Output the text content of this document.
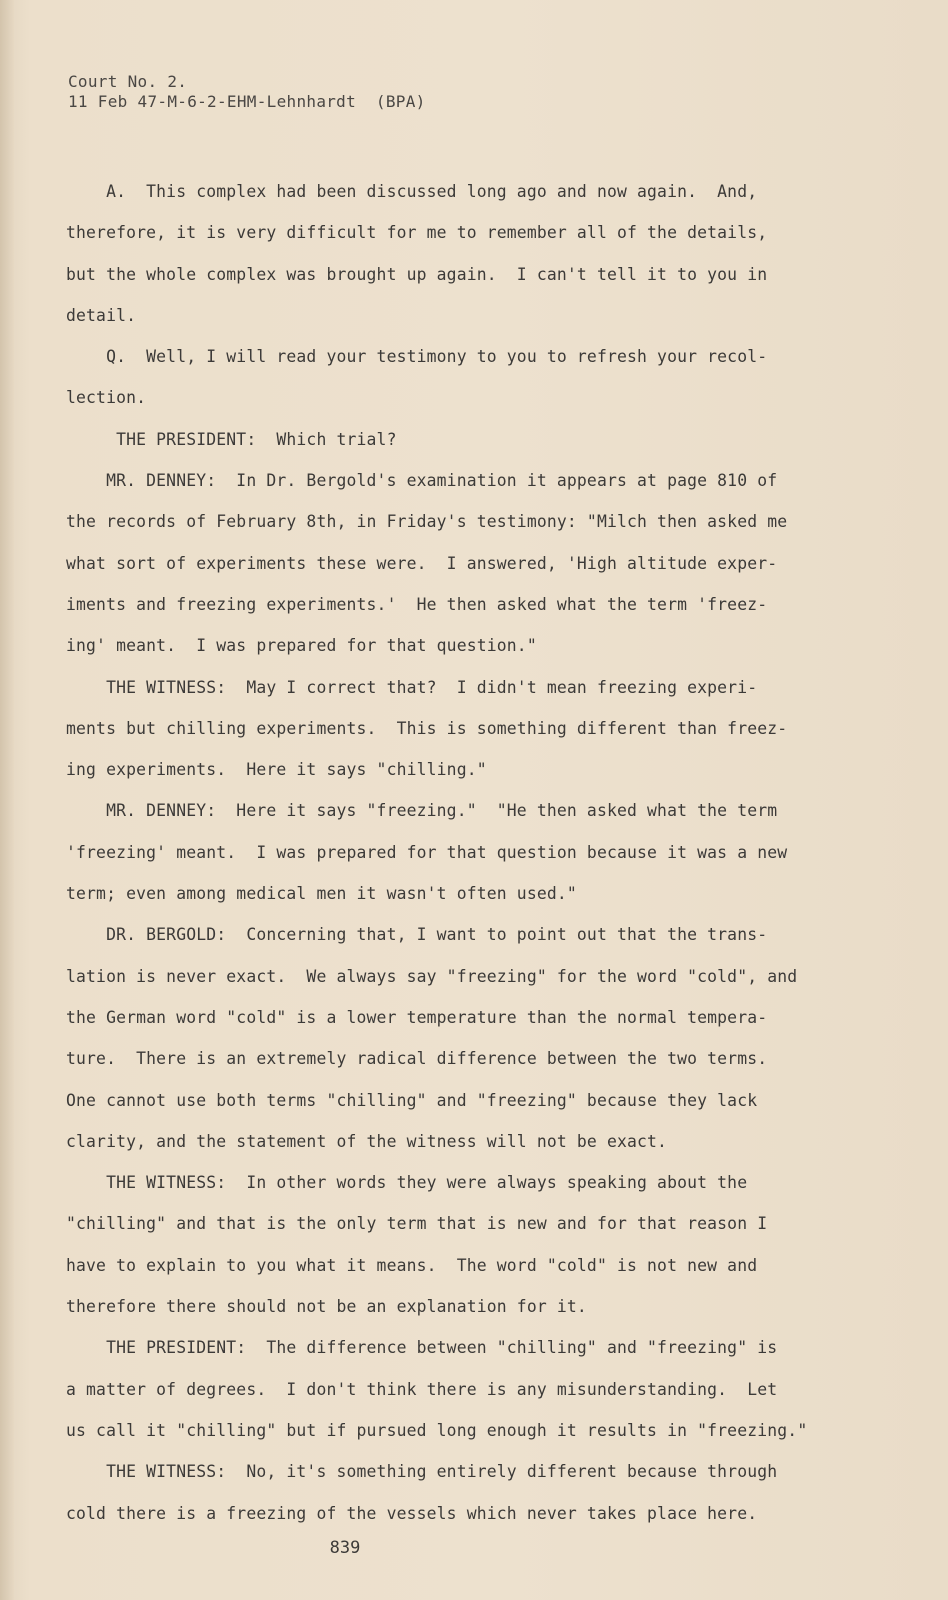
Court No. 2.
11 Feb 47-M-6-2-EHM-Lehnhardt  (BPA)
A.  This complex had been discussed long ago and now again.  And,
therefore, it is very difficult for me to remember all of the details,
but the whole complex was brought up again.  I can't tell it to you in
detail.
Q.  Well, I will read your testimony to you to refresh your recol-
lection.
THE PRESIDENT:  Which trial?
MR. DENNEY:  In Dr. Bergold's examination it appears at page 810 of
the records of February 8th, in Friday's testimony: "Milch then asked me
what sort of experiments these were.  I answered, 'High altitude exper-
iments and freezing experiments.'  He then asked what the term 'freez-
ing' meant.  I was prepared for that question."
THE WITNESS:  May I correct that?  I didn't mean freezing experi-
ments but chilling experiments.  This is something different than freez-
ing experiments.  Here it says "chilling."
MR. DENNEY:  Here it says "freezing."  "He then asked what the term
'freezing' meant.  I was prepared for that question because it was a new
term; even among medical men it wasn't often used."
DR. BERGOLD:  Concerning that, I want to point out that the trans-
lation is never exact.  We always say "freezing" for the word "cold", and
the German word "cold" is a lower temperature than the normal tempera-
ture.  There is an extremely radical difference between the two terms.
One cannot use both terms "chilling" and "freezing" because they lack
clarity, and the statement of the witness will not be exact.
THE WITNESS:  In other words they were always speaking about the
"chilling" and that is the only term that is new and for that reason I
have to explain to you what it means.  The word "cold" is not new and
therefore there should not be an explanation for it.
THE PRESIDENT:  The difference between "chilling" and "freezing" is
a matter of degrees.  I don't think there is any misunderstanding.  Let
us call it "chilling" but if pursued long enough it results in "freezing."
THE WITNESS:  No, it's something entirely different because through
cold there is a freezing of the vessels which never takes place here.
839
